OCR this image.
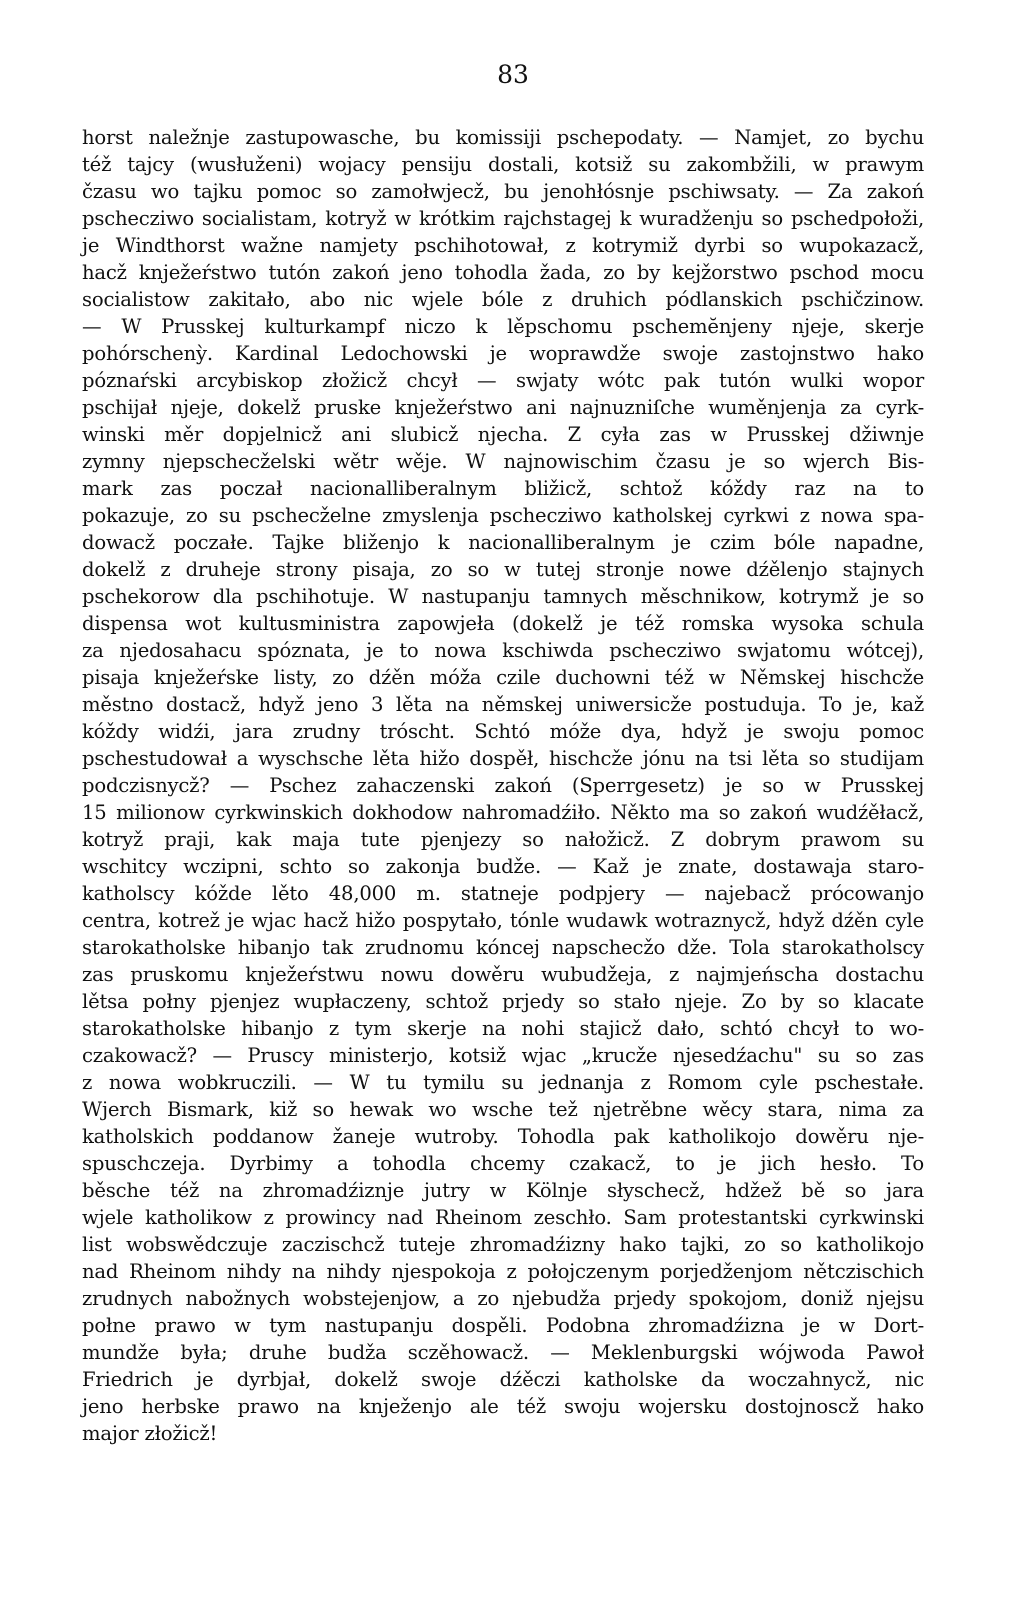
83
horst naležnje zastupowasche, bu komissiji pschepodaty. — Namjet, zo bychu
též tajcy (wusłuženi) wojacy pensiju dostali, kotsiž su zakombžili, w prawym
čzasu wo tajku pomoc so zamołwjecž, bu jenohłósnje pschiwsaty. — Za zakoń
pschecziwo socialistam, kotryž w krótkim rajchstagej k wuradženju so pschedpołoži,
je Windthorst wažne namjety pschihotował, z kotrymiž dyrbi so wupokazacž,
hacž knježeŕstwo tutón zakoń jeno tohodla žada, zo by kejžorstwo pschod mocu
socialistow zakitało, abo nic wjele bóle z druhich pódlanskich pschičzinow.
— W Prusskej kulturkampf niczo k lěpschomu pschemĕnjeny njeje, skerje
pohórschenỳ. Kardinal Ledochowski je woprawdže swoje zastojnstwo hako
póznaŕski arcybiskop złožicž chcył — swjaty wótc pak tutón wulki wopor
pschijał njeje, dokelž pruske knježeŕstwo ani najnuzniſche wuměnjenja za cyrk-
winski měr dopjelnicž ani slubicž njecha. Z cyła zas w Prusskej džiwnje
zymny njepschecželski wětr wěje. W najnowischim čzasu je so wjerch Bis-
mark zas poczał nacionalliberalnym bližicž, schtož kóždy raz na to
pokazuje, zo su pschecželne zmyslenja pschecziwo katholskej cyrkwi z nowa spa-
dowacž poczałe. Tajke bliženjo k nacionalliberalnym je czim bóle napadne,
dokelž z druheje strony pisaja, zo so w tutej stronje nowe dźělenjo stajnych
pschekorow dla pschihotuje. W nastupanju tamnych měschnikow, kotrymž je so
dispensa wot kultusministra zapowjeła (dokelž je též romska wysoka schula
za njedosahacu spóznata, je to nowa kschiwda pschecziwo swjatomu wótcej),
pisaja knježeŕske listy, zo dźěn móža czile duchowni též w Němskej hischcže
městno dostacž, hdyž jeno 3 lěta na němskej uniwersicže postuduja. To je, kaž
kóždy widźi, jara zrudny tróscht. Schtó móže dya, hdyž je swoju pomoc
pschestudował a wyschsche lěta hižo dospěł, hischcže jónu na tsi lěta so studijam
podczisnycž? — Pschez zahaczenski zakoń (Sperrgesetz) je so w Prusskej
15 milionow cyrkwinskich dokhodow nahromadźiło. Někto ma so zakoń wudźěłacž,
kotryž praji, kak maja tute pjenjezy so nałožicž. Z dobrym prawom su
wschitcy wczipni, schto so zakonja budže. — Kaž je znate, dostawaja staro-
katholscy kóžde lěto 48,000 m. statneje podpjery — najebacž prócowanjo
centra, kotrež je wjac hacž hižo pospytało, tónle wudawk wotraznycž, hdyž dźěn cyle
starokatholske hibanjo tak zrudnomu kóncej napschecžo dže. Tola starokatholscy
zas pruskomu knježeŕstwu nowu dowěru wubudžeja, z najmjeńscha dostachu
lětsa połny pjenjez wupłaczeny, schtož prjedy so stało njeje. Zo by so klacate
starokatholske hibanjo z tym skerje na nohi stajicž dało, schtó chcył to wo-
czakowacž? — Pruscy ministerjo, kotsiž wjac „krucže njesedźachu" su so zas
z nowa wobkruczili. — W tu tymilu su jednanja z Romom cyle pschestałe.
Wjerch Bismark, kiž so hewak wo wsche tež njetrěbne wěcy stara, nima za
katholskich poddanow žaneje wutroby. Tohodla pak katholikojo dowěru nje-
spuschczeja. Dyrbimy a tohodla chcemy czakacž, to je jich hesło. To
běsche též na zhromadźiznje jutry w Kölnje słyschecž, hdžež bě so jara
wjele katholikow z prowincy nad Rheinom zeschło. Sam protestantski cyrkwinski
list wobswědczuje zaczischcž tuteje zhromadźizny hako tajki, zo so katholikojo
nad Rheinom nihdy na nihdy njespokoja z połojczenym porjedženjom nětczischich
zrudnych nabožnych wobstejenjow, a zo njebudža prjedy spokojom, doniž njejsu
połne prawo w tym nastupanju dospěli. Podobna zhromadźizna je w Dort-
mundže była; druhe budža sczěhowacž. — Meklenburgski wójwoda Pawoł
Friedrich je dyrbjał, dokelž swoje dźěczi katholske da woczahnycž, nic
jeno herbske prawo na knježenjo ale též swoju wojersku dostojnoscž hako
major złožicž!
